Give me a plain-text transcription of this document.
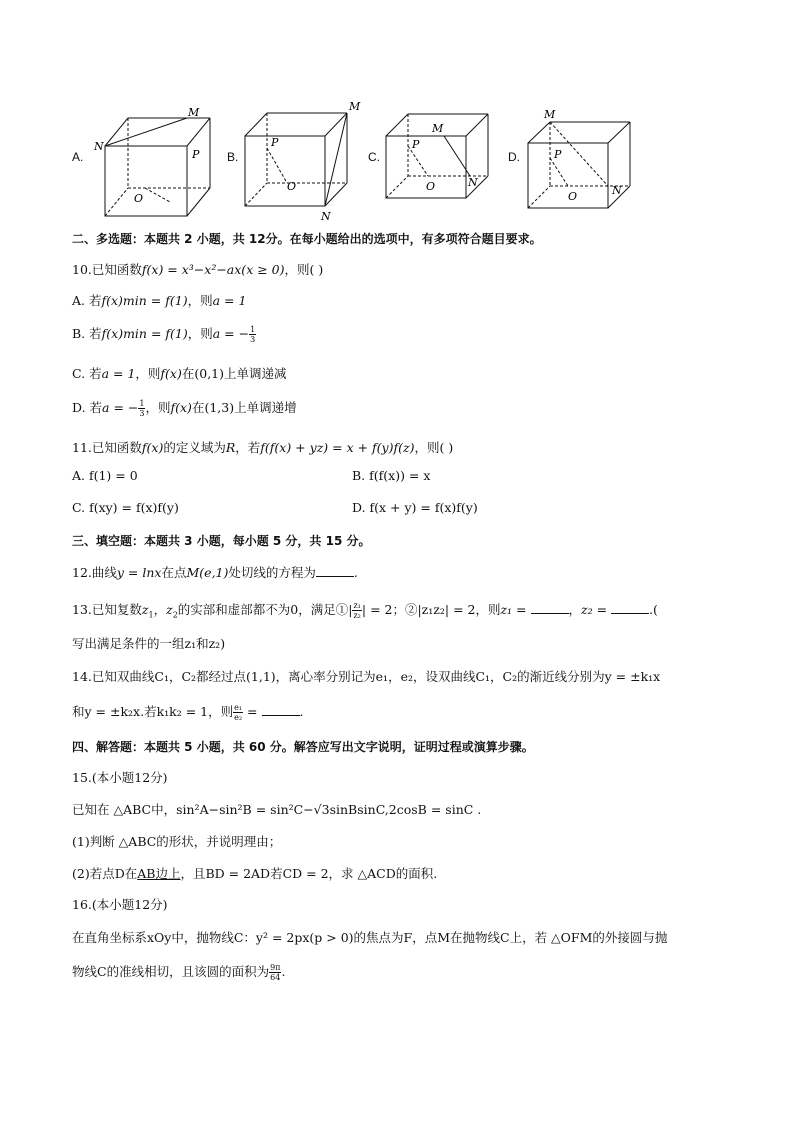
A.
M
N
P
O
B.
M
P
O
N
C.
M
P
O	N
D.
M
P
O	N
二、多选题：本题共 2 小题，共 12分。在每小题给出的选项中，有多项符合题目要求。
10.已知函数f(x) = x³−x²−ax(x ≥ 0)，则( )
A. 若f(x)min = f(1)，则a = 1
B. 若f(x)min = f(1)，则a = − $\frac{1}{3}$
C. 若a = 1，则f(x)在(0,1)上单调递减
D. 若a = − $\frac{1}{3}$ ，则f(x)在(1,3)上单调递增
11.已知函数f(x)的定义域为R，若f(f(x) + yz) = x + f(y)f(z)，则( )
A. f(1) = 0	B. f(f(x)) = x
C. f(xy) = f(x)f(y)	D. f(x + y) = f(x)f(y)
三、填空题：本题共 3 小题，每小题 5 分，共 15 分。
12.曲线y = lnx在点M(e,1)处切线的方程为	.
13.已知复数$z_1$，$z_2$的实部和虚部都不为0，满足①| $\frac{\text{z₁}}{\text{z₂}}$ | = 2；②|z₁z₂| = 2，则z₁ =	，z₂ =	.(
写出满足条件的一组z₁和z₂)
14.已知双曲线C₁，C₂都经过点(1,1)，离心率分别记为e₁，e₂，设双曲线C₁，C₂的渐近线分别为y = ±k₁x
和y = ±k₂x.若k₁k₂ = 1，则 $\frac{\text{e₁}}{\text{e₂}}$ =	.
四、解答题：本题共 5 小题，共 60 分。解答应写出文字说明，证明过程或演算步骤。
15.(本小题12分)
已知在 △ABC中，sin²A−sin²B = sin²C−√3sinBsinC,2cosB = sinC .
(1)判断 △ABC的形状，并说明理由；
(2)若点D在AB边上，且BD = 2AD若CD = 2，求 △ACD的面积.
16.(本小题12分)
在直角坐标系xOy中，抛物线C：y² = 2px(p > 0)的焦点为F，点M在抛物线C上，若 △OFM的外接圆与抛
物线C的准线相切，且该圆的面积为 $\frac{9\pi}{64}$ .
